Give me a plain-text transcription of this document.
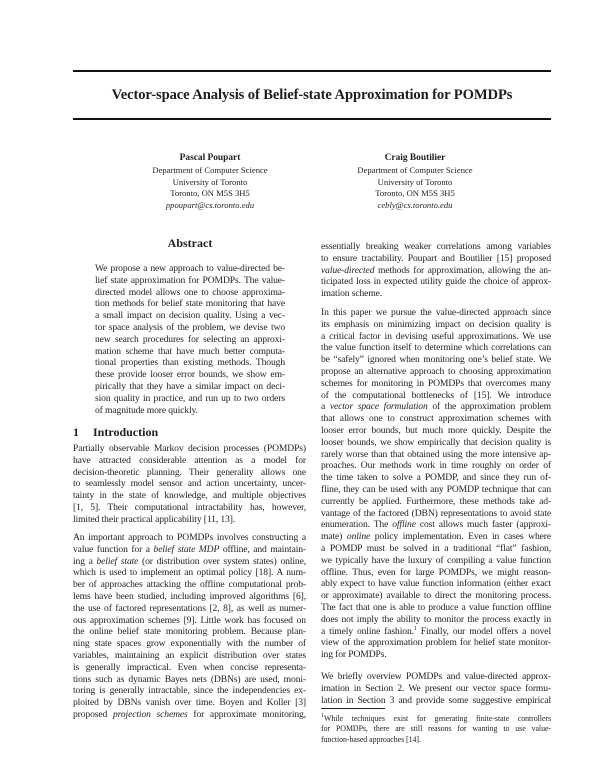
Vector-space Analysis of Belief-state Approximation for POMDPs
Pascal Poupart
Department of Computer Science
University of Toronto
Toronto, ON M5S 3H5
ppoupart@cs.toronto.edu
Craig Boutilier
Department of Computer Science
University of Toronto
Toronto, ON M5S 3H5
cebly@cs.toronto.edu
Abstract
We propose a new approach to value-directed be-
lief state approximation for POMDPs. The value-
directed model allows one to choose approxima-
tion methods for belief state monitoring that have
a small impact on decision quality. Using a vec-
tor space analysis of the problem, we devise two
new search procedures for selecting an approxi-
mation scheme that have much better computa-
tional properties than existing methods. Though
these provide looser error bounds, we show em-
pirically that they have a similar impact on deci-
sion quality in practice, and run up to two orders
of magnitude more quickly.
1 Introduction
Partially observable Markov decision processes (POMDPs)
have attracted considerable attention as a model for
decision-theoretic planning. Their generality allows one
to seamlessly model sensor and action uncertainty, uncer-
tainty in the state of knowledge, and multiple objectives
[1, 5]. Their computational intractability has, however,
limited their practical applicability [11, 13].
An important approach to POMDPs involves constructing a
value function for a belief state MDP offline, and maintain-
ing a belief state (or distribution over system states) online,
which is used to implement an optimal policy [18]. A num-
ber of approaches attacking the offline computational prob-
lems have been studied, including improved algorithms [6],
the use of factored representations [2, 8], as well as numer-
ous approximation schemes [9]. Little work has focused on
the online belief state monitoring problem. Because plan-
ning state spaces grow exponentially with the number of
variables, maintaining an explicit distribution over states
is generally impractical. Even when concise representa-
tions such as dynamic Bayes nets (DBNs) are used, moni-
toring is generally intractable, since the independencies ex-
ploited by DBNs vanish over time. Boyen and Koller [3]
proposed projection schemes for approximate monitoring,
essentially breaking weaker correlations among variables
to ensure tractability. Poupart and Boutilier [15] proposed
value-directed methods for approximation, allowing the an-
ticipated loss in expected utility guide the choice of approx-
imation scheme.
In this paper we pursue the value-directed approach since
its emphasis on minimizing impact on decision quality is
a critical factor in devising useful approximations. We use
the value function itself to determine which correlations can
be “safely” ignored when monitoring one’s belief state. We
propose an alternative approach to choosing approximation
schemes for monitoring in POMDPs that overcomes many
of the computational bottlenecks of [15]. We introduce
a vector space formulation of the approximation problem
that allows one to construct approximation schemes with
looser error bounds, but much more quickly. Despite the
looser bounds, we show empirically that decision quality is
rarely worse than that obtained using the more intensive ap-
proaches. Our methods work in time roughly on order of
the time taken to solve a POMDP, and since they run of-
fline, they can be used with any POMDP technique that can
currently be applied. Furthermore, these methods take ad-
vantage of the factored (DBN) representations to avoid state
enumeration. The offline cost allows much faster (approxi-
mate) online policy implementation. Even in cases where
a POMDP must be solved in a traditional “flat” fashion,
we typically have the luxury of compiling a value function
offline. Thus, even for large POMDPs, we might reason-
ably expect to have value function information (either exact
or approximate) available to direct the monitoring process.
The fact that one is able to produce a value function offline
does not imply the ability to monitor the process exactly in
a timely online fashion.$^1$ Finally, our model offers a novel
view of the approximation problem for belief state monitor-
ing for POMDPs.
We briefly overview POMDPs and value-directed approx-
imation in Section 2. We present our vector space formu-
lation in Section 3 and provide some suggestive empirical
$^1$While techniques exist for generating finite-state controllers
for POMDPs, there are still reasons for wanting to use value-
function-based approaches [14].
